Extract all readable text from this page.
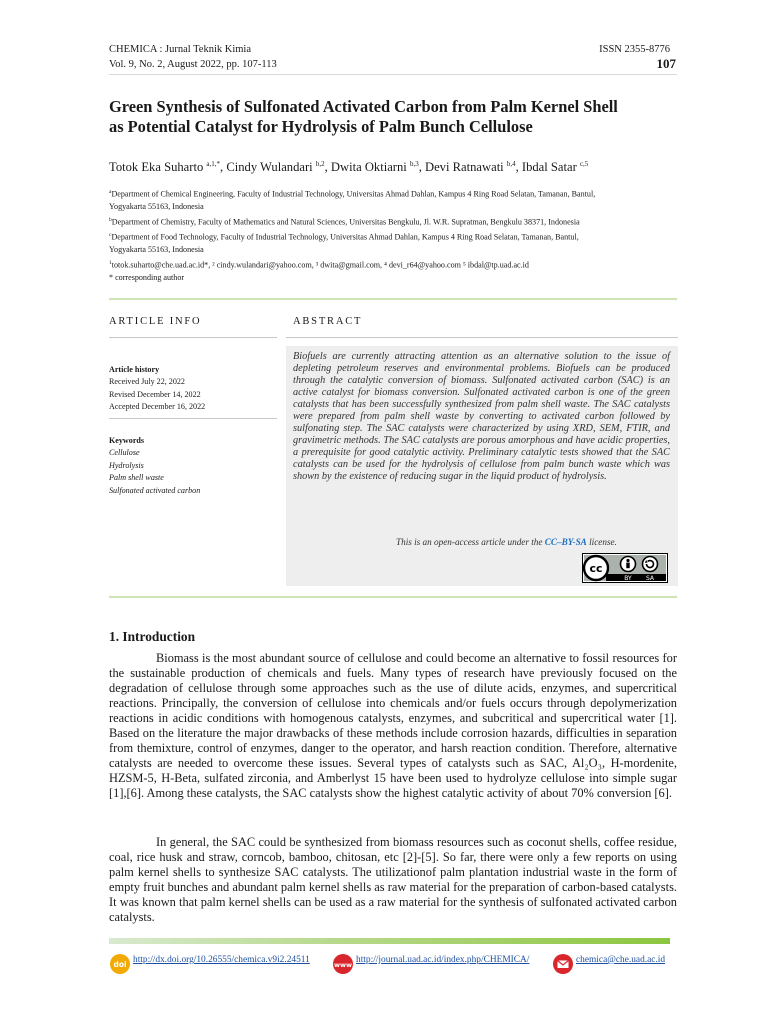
CHEMICA : Jurnal Teknik Kimia
Vol. 9, No. 2, August 2022, pp. 107-113
ISSN 2355-8776
107
Green Synthesis of Sulfonated Activated Carbon from Palm Kernel Shell
as Potential Catalyst for Hydrolysis of Palm Bunch Cellulose
Totok Eka Suharto $^{a,1,*}$, Cindy Wulandari $^{b,2}$, Dwita Oktiarni $^{b,3}$, Devi Ratnawati $^{b,4}$, Ibdal Satar $^{c,5}$
$^a$Department of Chemical Engineering, Faculty of Industrial Technology, Universitas Ahmad Dahlan, Kampus 4 Ring Road Selatan, Tamanan, Bantul,
Yogyakarta 55163, Indonesia
$^b$Department of Chemistry, Faculty of Mathematics and Natural Sciences, Universitas Bengkulu, Jl. W.R. Supratman, Bengkulu 38371, Indonesia
$^c$Department of Food Technology, Faculty of Industrial Technology, Universitas Ahmad Dahlan, Kampus 4 Ring Road Selatan, Tamanan, Bantul,
Yogyakarta 55163, Indonesia
$^1$totok.suharto@che.uad.ac.id*, ² cindy.wulandari@yahoo.com, ³ dwita@gmail.com, ⁴ devi_r64@yahoo.com ⁵ ibdal@tp.uad.ac.id
* corresponding author
ARTICLE INFO
Article history
Received July 22, 2022
Revised December 14, 2022
Accepted December 16, 2022
Keywords
Cellulose
Hydrolysis
Palm shell waste
Sulfonated activated carbon
ABSTRACT
Biofuels are currently attracting attention as an alternative solution to the issue of depleting petroleum reserves and environmental problems. Biofuels can be produced through the catalytic conversion of biomass. Sulfonated activated carbon (SAC) is an active catalyst for biomass conversion. Sulfonated activated carbon is one of the green catalysts that has been successfully synthesized from palm shell waste. The SAC catalysts were prepared from palm shell waste by converting to activated carbon followed by sulfonating step. The SAC catalysts were characterized by using XRD, SEM, FTIR, and gravimetric methods. The SAC catalysts are porous amorphous and have acidic properties, a prerequisite for good catalytic activity. Preliminary catalytic tests showed that the SAC catalysts can be used for the hydrolysis of cellulose from palm bunch waste which was shown by the existence of reducing sugar in the liquid product of hydrolysis.
This is an open-access article under the CC–BY-SA license.
cc
BY SA
1. Introduction

Biomass is the most abundant source of cellulose and could become an alternative to fossil resources for the sustainable production of chemicals and fuels. Many types of research have previously focused on the degradation of cellulose through some approaches such as the use of dilute acids, enzymes, and supercritical reactions. Principally, the conversion of cellulose into chemicals and/or fuels occurs through depolymerization reactions in acidic conditions with homogenous catalysts, enzymes, and subcritical and supercritical water [1]. Based on the literature the major drawbacks of these methods include corrosion hazards, difficulties in separation from themixture, control of enzymes, danger to the operator, and harsh reaction condition. Therefore, alternative catalysts are needed to overcome these issues. Several types of catalysts such as SAC, Al₂O₃, H-mordenite, HZSM-5, H-Beta, sulfated zirconia, and Amberlyst 15 have been used to hydrolyze cellulose into simple sugar [1],[6]. Among these catalysts, the SAC catalysts show the highest catalytic activity of about 70% conversion [6].

In general, the SAC could be synthesized from biomass resources such as coconut shells, coffee residue, coal, rice husk and straw, corncob, bamboo, chitosan, etc [2]-[5]. So far, there were only a few reports on using palm kernel shells to synthesize SAC catalysts. The utilizationof palm plantation industrial waste in the form of empty fruit bunches and abundant palm kernel shells as raw material for the preparation of carbon-based catalysts. It was known that palm kernel shells can be used as a raw material for the synthesis of sulfonated activated carbon catalysts.

doi http://dx.doi.org/10.26555/chemica.v9i2.24511	www http://journal.uad.ac.id/index.php/CHEMICA/	chemica@che.uad.ac.id
